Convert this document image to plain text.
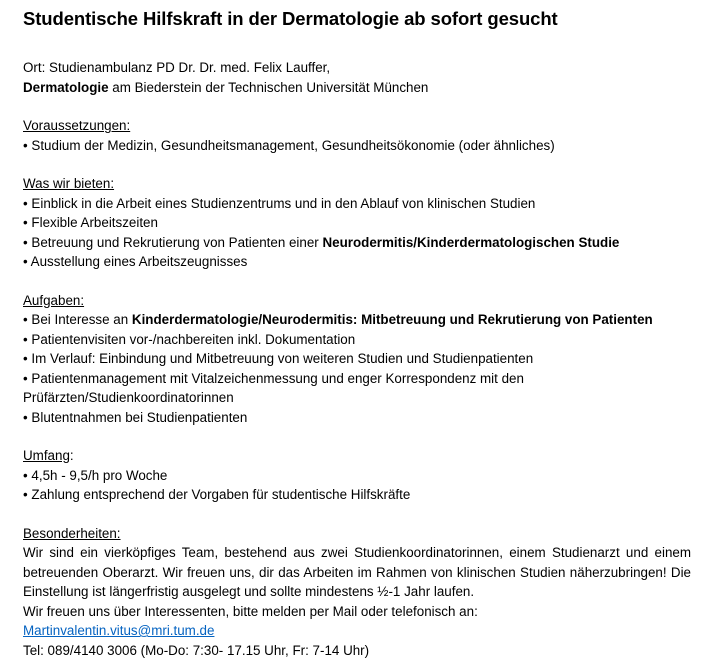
Studentische Hilfskraft in der Dermatologie ab sofort gesucht

Ort: Studienambulanz PD Dr. Dr. med. Felix Lauffer,

Dermatologie am Biederstein der Technischen Universität München

Voraussetzungen:

• Studium der Medizin, Gesundheitsmanagement, Gesundheitsökonomie (oder ähnliches)

Was wir bieten:

• Einblick in die Arbeit eines Studienzentrums und in den Ablauf von klinischen Studien

• Flexible Arbeitszeiten

• Betreuung und Rekrutierung von Patienten einer Neurodermitis/Kinderdermatologischen Studie

• Ausstellung eines Arbeitszeugnisses

Aufgaben:

• Bei Interesse an Kinderdermatologie/Neurodermitis: Mitbetreuung und Rekrutierung von Patienten

• Patientenvisiten vor-/nachbereiten inkl. Dokumentation

• Im Verlauf: Einbindung und Mitbetreuung von weiteren Studien und Studienpatienten

• Patientenmanagement mit Vitalzeichenmessung und enger Korrespondenz mit den Prüfärzten/Studienkoordinatorinnen

• Blutentnahmen bei Studienpatienten

Umfang:

• 4,5h - 9,5/h pro Woche

• Zahlung entsprechend der Vorgaben für studentische Hilfskräfte

Besonderheiten:

Wir sind ein vierköpfiges Team, bestehend aus zwei Studienkoordinatorinnen, einem Studienarzt und einem betreuenden Oberarzt. Wir freuen uns, dir das Arbeiten im Rahmen von klinischen Studien näherzubringen! Die Einstellung ist längerfristig ausgelegt und sollte mindestens ½-1 Jahr laufen.

Wir freuen uns über Interessenten, bitte melden per Mail oder telefonisch an:

Martinvalentin.vitus@mri.tum.de

Tel: 089/4140 3006 (Mo-Do: 7:30- 17.15 Uhr, Fr: 7-14 Uhr)
